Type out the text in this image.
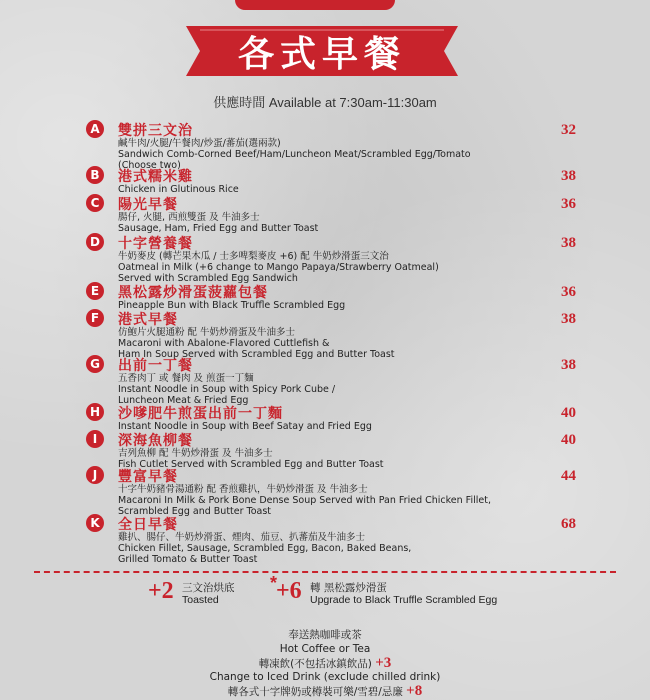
各式早餐
供應時間 Available at 7:30am-11:30am
A	雙拼三文治
鹹牛肉/火腿/午餐肉/炒蛋/蕃茄(選兩款)
Sandwich Comb-Corned Beef/Ham/Luncheon Meat/Scrambled Egg/Tomato
(Choose two)
32
B	港式糯米雞
Chicken in Glutinous Rice
38
C	陽光早餐
腸仔, 火腿, 西煎雙蛋 及 牛油多士
Sausage, Ham, Fried Egg and Butter Toast
36
D 十字營養餐
牛奶麥皮 (轉芒果木瓜 / 士多啤梨麥皮 +6) 配 牛奶炒滑蛋三文治
Oatmeal in Milk (+6 change to Mango Papaya/Strawberry Oatmeal)
Served with Scrambled Egg Sandwich
38
E	黑松露炒滑蛋菠蘿包餐
Pineapple Bun with Black Truffle Scrambled Egg
36
F	港式早餐
仿鮑片火腿通粉 配 牛奶炒滑蛋及牛油多士
Macaroni with Abalone-Flavored Cuttlefish &
Ham In Soup Served with Scrambled Egg and Butter Toast
38
G 出前一丁餐
五香肉丁 或 餐肉 及 煎蛋一丁麵
Instant Noodle in Soup with Spicy Pork Cube /
Luncheon Meat & Fried Egg
38
H 沙嗲肥牛煎蛋出前一丁麵
Instant Noodle in Soup with Beef Satay and Fried Egg
40
I	深海魚柳餐
吉列魚柳 配 牛奶炒滑蛋 及 牛油多士
Fish Cutlet Served with Scrambled Egg and Butter Toast
40
J	豐富早餐
十字牛奶豬骨湯通粉 配 香煎雞扒，牛奶炒滑蛋 及 牛油多士
Macaroni In Milk & Pork Bone Dense Soup Served with Pan Fried Chicken Fillet,
Scrambled Egg and Butter Toast
44
K	全日早餐
雞扒、腸仔、牛奶炒滑蛋、煙肉、茄豆、扒蕃茄及牛油多士
Chicken Fillet, Sausage, Scrambled Egg, Bacon, Baked Beans,
Grilled Tomato & Butter Toast
68
+2 三文治烘底
Toasted
*
+6 轉 黑松露炒滑蛋
Upgrade to Black Truffle Scrambled Egg
奉送熱咖啡或茶
Hot Coffee or Tea
轉凍飲(不包括冰鎮飲品) +3
Change to Iced Drink (exclude chilled drink)
轉各式十字牌奶或樽裝可樂/雪碧/忌廉 +8
